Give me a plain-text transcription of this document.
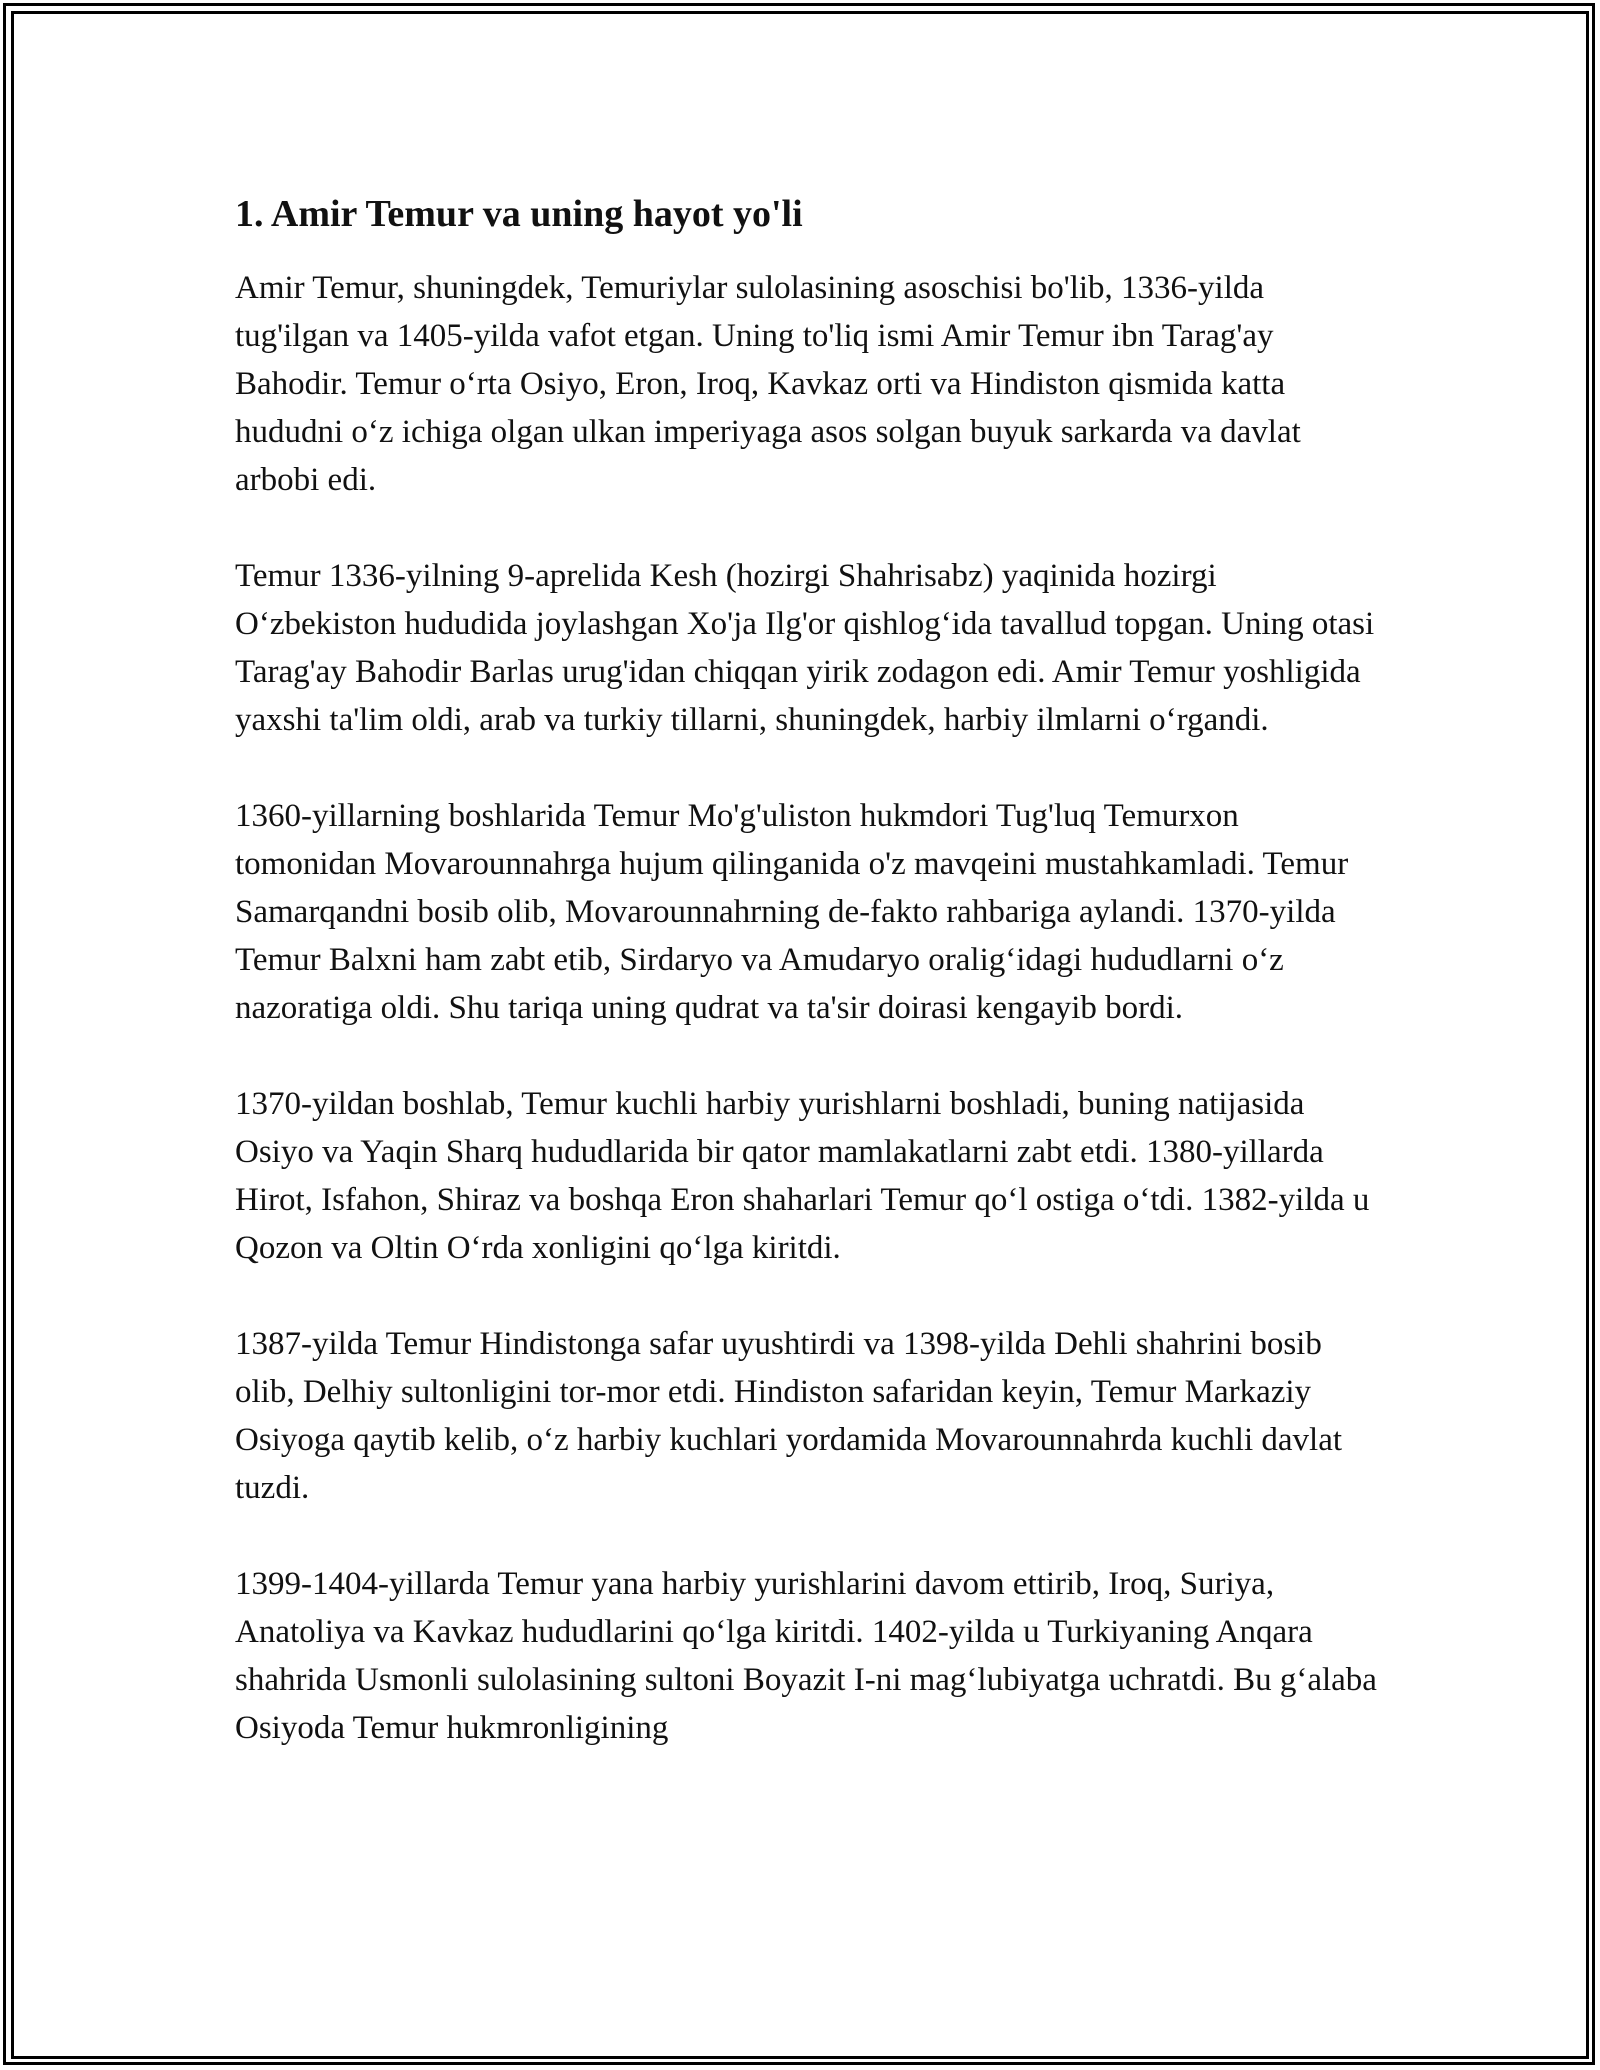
1. Amir Temur va uning hayot yo'li

Amir Temur, shuningdek, Temuriylar sulolasining asoschisi bo'lib, 1336-yilda tug'ilgan va 1405-yilda vafot etgan. Uning to'liq ismi Amir Temur ibn Tarag'ay Bahodir. Temur o‘rta Osiyo, Eron, Iroq, Kavkaz orti va Hindiston qismida katta hududni o‘z ichiga olgan ulkan imperiyaga asos solgan buyuk sarkarda va davlat arbobi edi.

Temur 1336-yilning 9-aprelida Kesh (hozirgi Shahrisabz) yaqinida hozirgi O‘zbekiston hududida joylashgan Xo'ja Ilg'or qishlog‘ida tavallud topgan. Uning otasi Tarag'ay Bahodir Barlas urug'idan chiqqan yirik zodagon edi. Amir Temur yoshligida yaxshi ta'lim oldi, arab va turkiy tillarni, shuningdek, harbiy ilmlarni o‘rgandi.

1360-yillarning boshlarida Temur Mo'g'uliston hukmdori Tug'luq Temurxon tomonidan Movarounnahrga hujum qilinganida o'z mavqeini mustahkamladi. Temur Samarqandni bosib olib, Movarounnahrning de-fakto rahbariga aylandi. 1370-yilda Temur Balxni ham zabt etib, Sirdaryo va Amudaryo oralig‘idagi hududlarni o‘z nazoratiga oldi. Shu tariqa uning qudrat va ta'sir doirasi kengayib bordi.

1370-yildan boshlab, Temur kuchli harbiy yurishlarni boshladi, buning natijasida Osiyo va Yaqin Sharq hududlarida bir qator mamlakatlarni zabt etdi. 1380-yillarda Hirot, Isfahon, Shiraz va boshqa Eron shaharlari Temur qo‘l ostiga o‘tdi. 1382-yilda u Qozon va Oltin O‘rda xonligini qo‘lga kiritdi.

1387-yilda Temur Hindistonga safar uyushtirdi va 1398-yilda Dehli shahrini bosib olib, Delhiy sultonligini tor-mor etdi. Hindiston safaridan keyin, Temur Markaziy Osiyoga qaytib kelib, o‘z harbiy kuchlari yordamida Movarounnahrda kuchli davlat tuzdi.

1399-1404-yillarda Temur yana harbiy yurishlarini davom ettirib, Iroq, Suriya, Anatoliya va Kavkaz hududlarini qo‘lga kiritdi. 1402-yilda u Turkiyaning Anqara shahrida Usmonli sulolasining sultoni Boyazit I-ni mag‘lubiyatga uchratdi. Bu g‘alaba Osiyoda Temur hukmronligining
